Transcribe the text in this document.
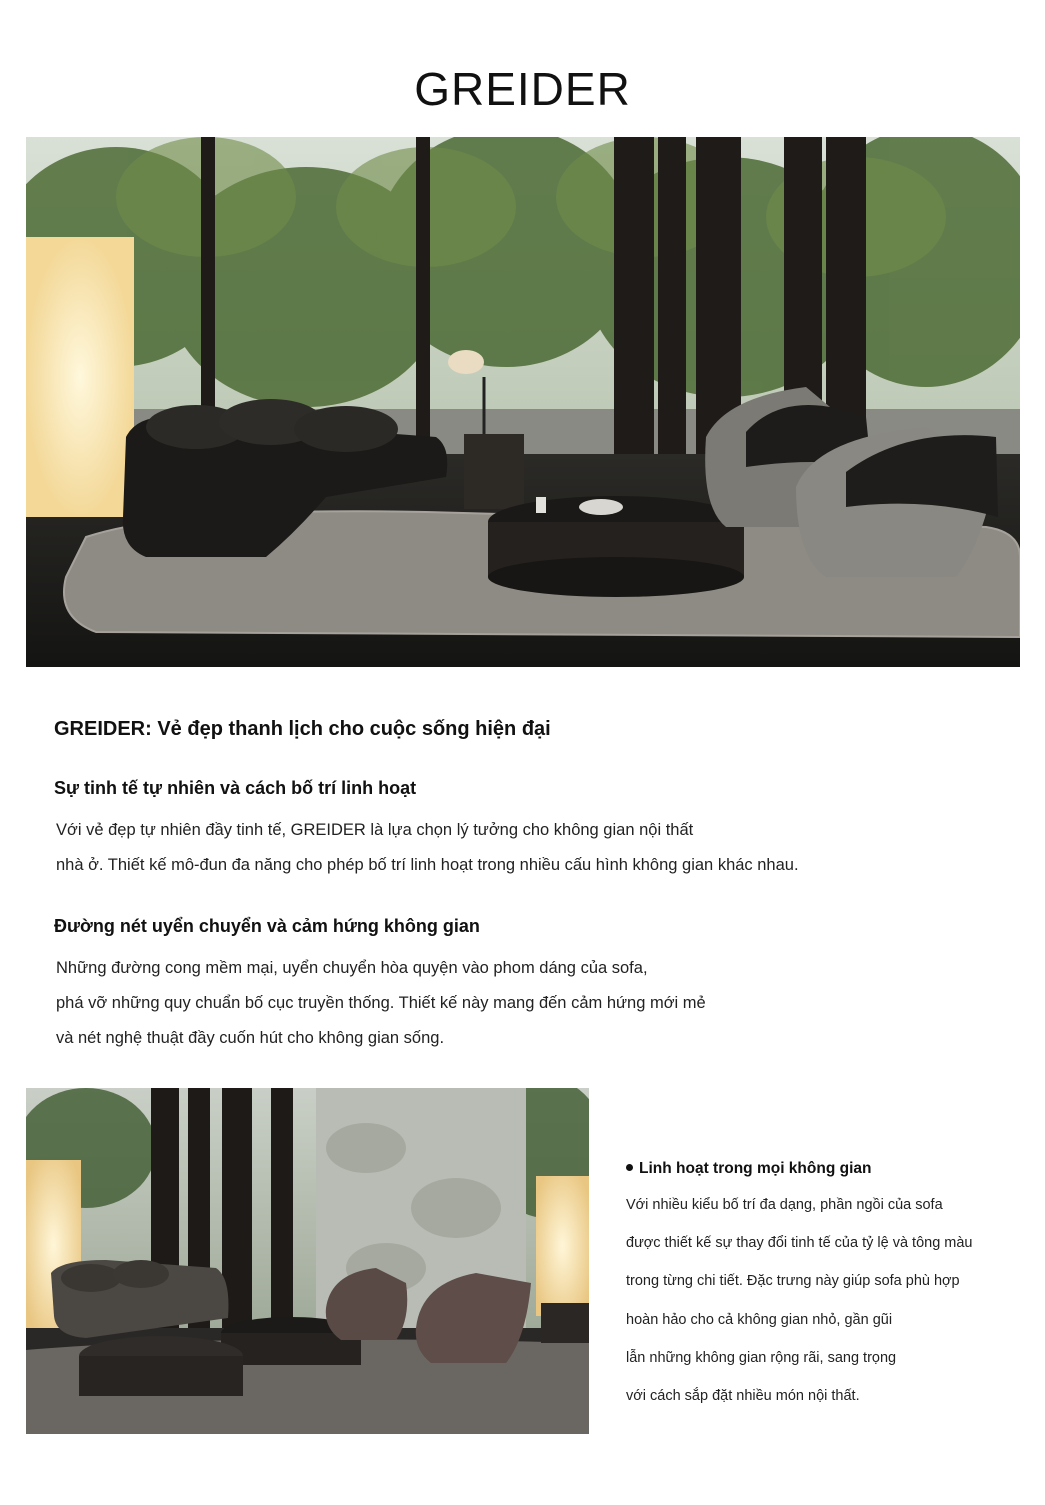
GREIDER
GREIDER: Vẻ đẹp thanh lịch cho cuộc sống hiện đại
Sự tinh tế tự nhiên và cách bố trí linh hoạt

Với vẻ đẹp tự nhiên đầy tinh tế, GREIDER là lựa chọn lý tưởng cho không gian nội thất

nhà ở. Thiết kế mô-đun đa năng cho phép bố trí linh hoạt trong nhiều cấu hình không gian khác nhau.

Đường nét uyển chuyển và cảm hứng không gian

Những đường cong mềm mại, uyển chuyển hòa quyện vào phom dáng của sofa,

phá vỡ những quy chuẩn bố cục truyền thống. Thiết kế này mang đến cảm hứng mới mẻ

và nét nghệ thuật đầy cuốn hút cho không gian sống.

Linh hoạt trong mọi không gian

Với nhiều kiểu bố trí đa dạng, phần ngồi của sofa

được thiết kế sự thay đổi tinh tế của tỷ lệ và tông màu

trong từng chi tiết. Đặc trưng này giúp sofa phù hợp

hoàn hảo cho cả không gian nhỏ, gần gũi

lẫn những không gian rộng rãi, sang trọng

với cách sắp đặt nhiều món nội thất.
